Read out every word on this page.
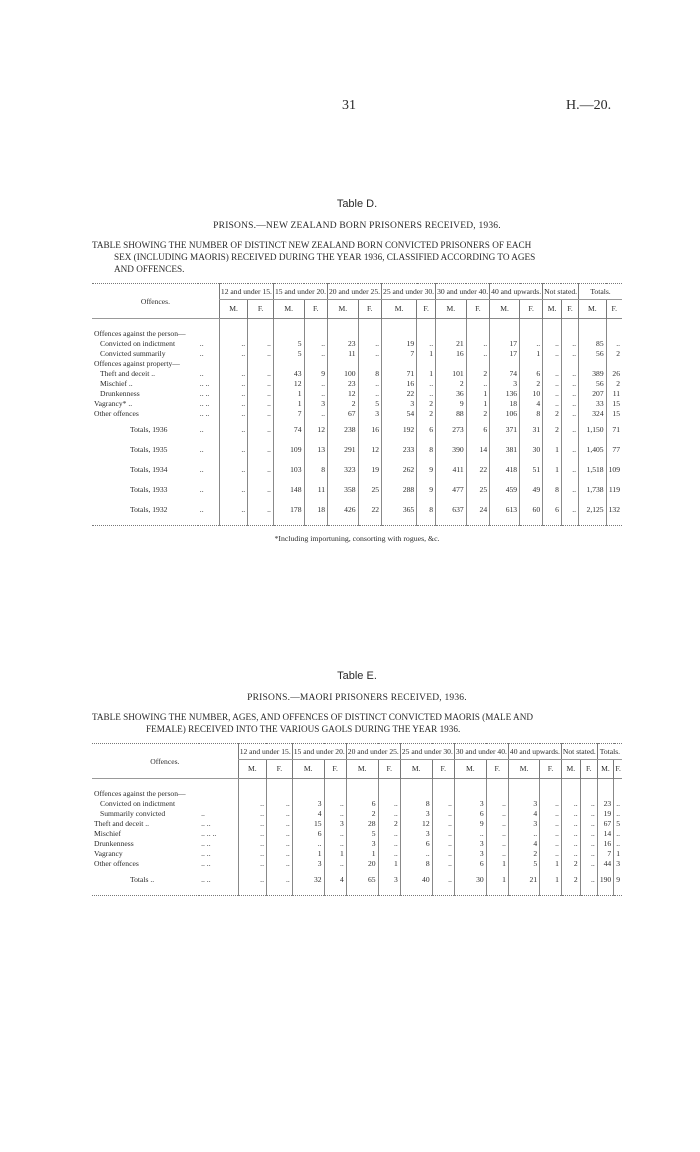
31	H.—20.
Table D.
PRISONS.—NEW ZEALAND BORN PRISONERS RECEIVED, 1936.
TABLE SHOWING THE NUMBER OF DISTINCT NEW ZEALAND BORN CONVICTED PRISONERS OF EACH
SEX (INCLUDING MAORIS) RECEIVED DURING THE YEAR 1936, CLASSIFIED ACCORDING TO AGES
AND OFFENCES.
Offences.		12 and under 15.		15 and under 20.		20 and under 25.		25 and under 30.		30 and under 40.		40 and upwards.		Not stated.		Totals.	
		M.	F.	M.	F.	M.	F.	M.	F.	M.	F.	M.	F.	M.	F.	M.	F.

Offences against the person—																	
Convicted on indictment	..	..	..	5	..	23	..	19	..	21	..	17	..	..	..	85	..
Convicted summarily	..	..	..	5	..	11	..	7	1	16	..	17	1	..	..	56	2
Offences against property—																	
Theft and deceit ..	..	..	..	43	9	100	8	71	1	101	2	74	6	..	..	389	26
Mischief ..	.. ..	..	..	12	..	23	..	16	..	2	..	3	2	..	..	56	2
Drunkenness	.. ..	..	..	1	..	12	..	22	..	36	1	136	10	..	..	207	11
Vagrancy* ..	.. ..	..	..	1	3	2	5	3	2	9	1	18	4	..	..	33	15
Other offences	.. ..	..	..	7	..	67	3	54	2	88	2	106	8	2	..	324	15
Totals, 1936	..	..	..	74	12	238	16	192	6	273	6	371	31	2	..	1,150	71
Totals, 1935	..	..	..	109	13	291	12	233	8	390	14	381	30	1	..	1,405	77
Totals, 1934	..	..	..	103	8	323	19	262	9	411	22	418	51	1	..	1,518	109
Totals, 1933	..	..	..	148	11	358	25	288	9	477	25	459	49	8	..	1,738	119
Totals, 1932	..	..	..	178	18	426	22	365	8	637	24	613	60	6	..	2,125	132

*Including importuning, consorting with rogues, &c.
Table E.
PRISONS.—MAORI PRISONERS RECEIVED, 1936.
TABLE SHOWING THE NUMBER, AGES, AND OFFENCES OF DISTINCT CONVICTED MAORIS (MALE AND
FEMALE) RECEIVED INTO THE VARIOUS GAOLS DURING THE YEAR 1936.
Offences.		12 and under 15.		15 and under 20.		20 and under 25.		25 and under 30.		30 and under 40.		40 and upwards.		Not stated.		Totals.	
		M.	F.	M.	F.	M.	F.	M.	F.	M.	F.	M.	F.	M.	F.	M.	F.

Offences against the person—																	
Convicted on indictment		..	..	3	..	6	..	8	..	3	..	3	..	..	..	23	..
Summarily convicted	..	..	..	4	..	2	..	3	..	6	..	4	..	..	..	19	..
Theft and deceit ..	.. ..	..	..	15	3	28	2	12	..	9	..	3	..	..	..	67	5
Mischief	.. .. ..	..	..	6	..	5	..	3	..	..	..	..	..	..	..	14	..
Drunkenness	.. ..	..	..	..	..	3	..	6	..	3	..	4	..	..	..	16	..
Vagrancy	.. ..	..	..	1	1	1	..	..	..	3	..	2	..	..	..	7	1
Other offences	.. ..	..	..	3	..	20	1	8	..	6	1	5	1	2	..	44	3
Totals ..	.. ..	..	..	32	4	65	3	40	..	30	1	21	1	2	..	190	9
